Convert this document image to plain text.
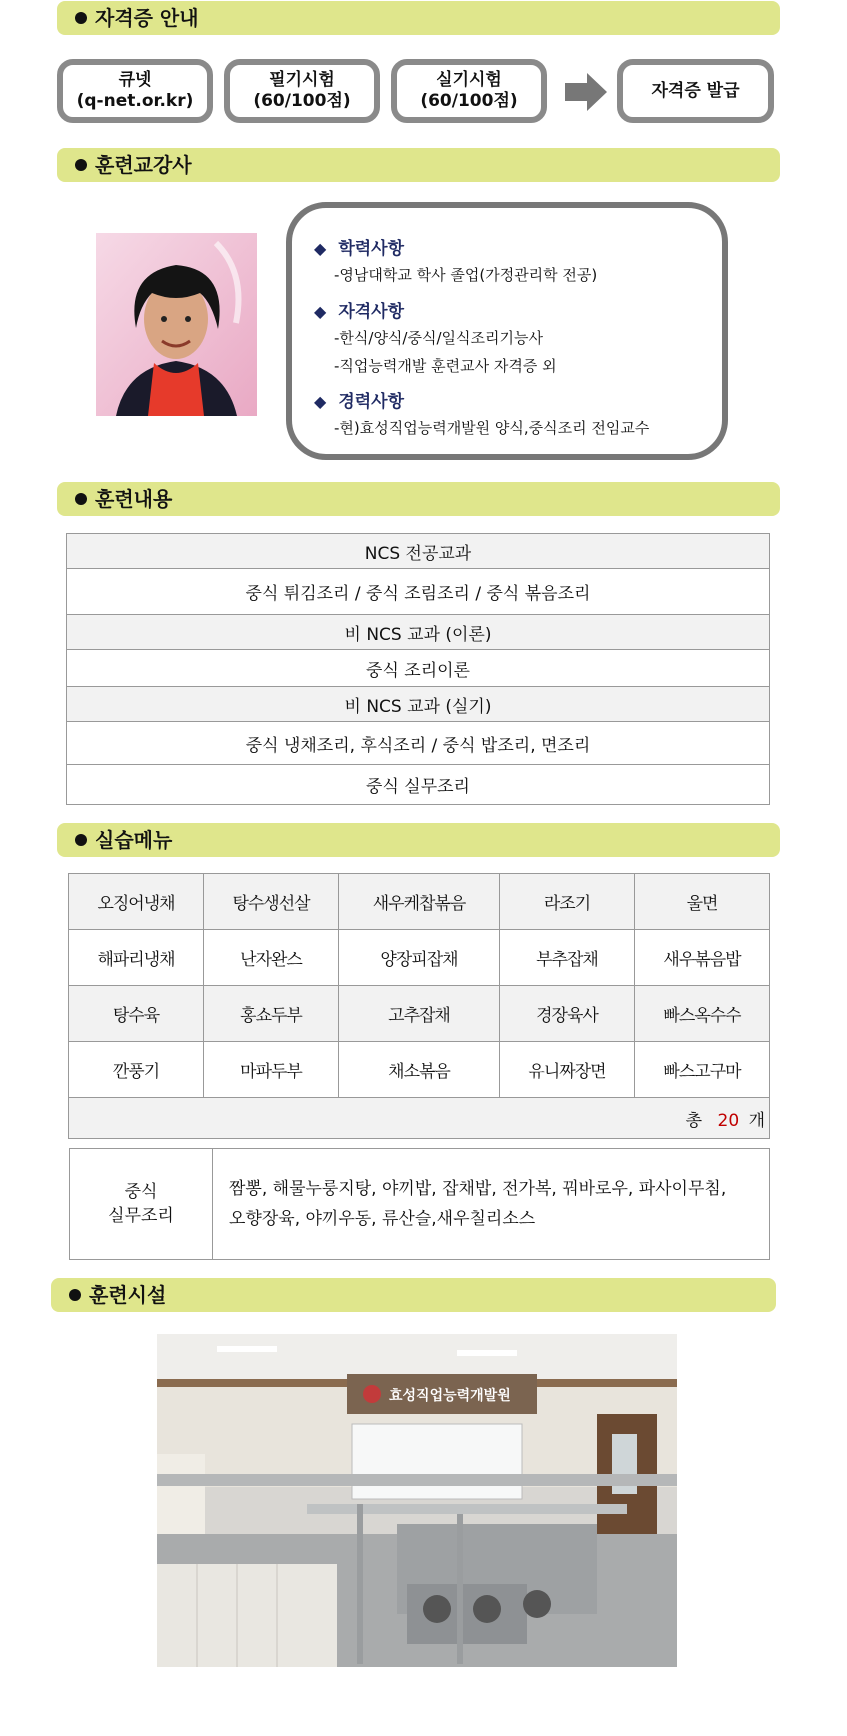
자격증 안내
큐넷
(q-net.or.kr)
필기시험
(60/100점)
실기시험
(60/100점)
자격증 발급
훈련교강사
◆ 학력사항
-영남대학교 학사 졸업(가정관리학 전공)
◆ 자격사항
-한식/양식/중식/일식조리기능사
-직업능력개발 훈련교사 자격증 외
◆ 경력사항
-현)효성직업능력개발원 양식,중식조리 전임교수
훈련내용
NCS 전공교과
중식 튀김조리 / 중식 조림조리 / 중식 볶음조리
비 NCS 교과 (이론)
중식 조리이론
비 NCS 교과 (실기)
중식 냉채조리, 후식조리 / 중식 밥조리, 면조리
중식 실무조리
실습메뉴
오징어냉채	탕수생선살	새우케찹볶음	라조기	울면
해파리냉채	난자완스	양장피잡채	부추잡채	새우볶음밥
탕수육	홍쇼두부	고추잡채	경장육사	빠스옥수수
깐풍기	마파두부	채소볶음	유니짜장면	빠스고구마
총 20 개				
중식
실무조리	짬뽕, 해물누룽지탕, 야끼밥, 잡채밥, 전가복, 꿔바로우, 파사이무침,
오향장육, 야끼우동, 류산슬,새우칠리소스
훈련시설
효성직업능력개발원
